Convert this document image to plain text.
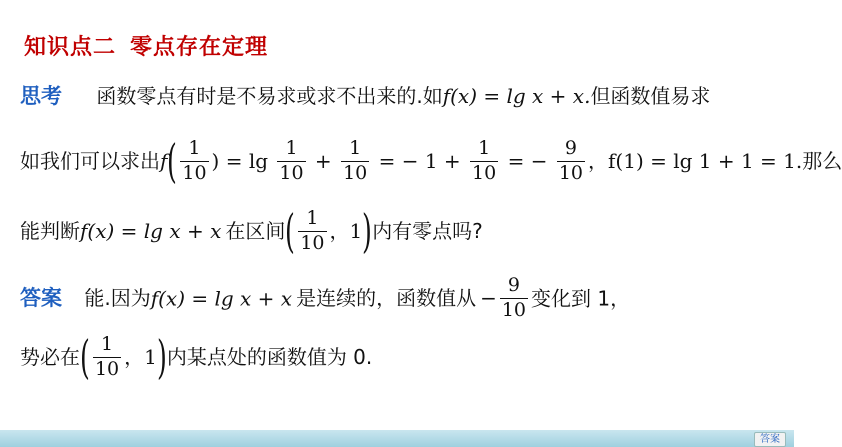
知识点二 零点存在定理
思考 函数零点有时是不易求或求不出来的.如f(x) = lg x + x.但函数值易求
如我们可以求出$f( \frac{1}{10}$ ) = $\lg \frac{1}{10} + \frac{1}{10}$ = − $1 + \frac{1}{10}$ = − $\frac{9}{10}$ ，f(1) = lg 1 + 1 = 1.那么
能判断f(x) = lg x + x 在区间( $\frac{1}{10}$ ，1)内有零点吗?
答案 能.因为f(x) = lg x + x 是连续的，函数值从 − $\frac{9}{10}$ 变化到 1，
势必在( $\frac{1}{10}$ ，1)内某点处的函数值为 0.
答案
